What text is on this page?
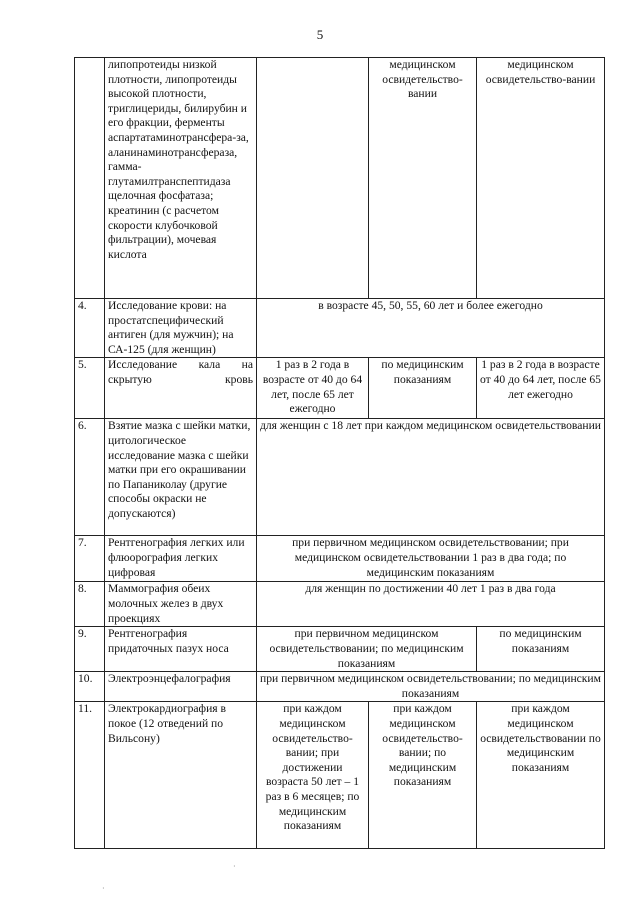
5
	липопротеиды низкой плотности, липопротеиды высокой плотности, триглицериды, билирубин и его фракции, ферменты аспартатаминотрансфера-за, аланинаминотрансфераза, гамма-глутамилтранспептидаза щелочная фосфатаза; креатинин (с расчетом скорости клубочковой фильтрации), мочевая кислота		медицинском освидетельство-вании	медицинском освидетельство-вании
4.	Исследование крови: на простатспецифический антиген (для мужчин); на СА-125 (для женщин)	в возрасте 45, 50, 55, 60 лет и более ежегодно		
5.	Исследование кала на скрытую кровь	1 раз в 2 года в возрасте от 40 до 64 лет, после 65 лет ежегодно	по медицинским показаниям	1 раз в 2 года в возрасте от 40 до 64 лет, после 65 лет ежегодно
6.	Взятие мазка с шейки матки, цитологическое исследование мазка с шейки матки при его окрашивании по Папаниколау (другие способы окраски не допускаются)	для женщин с 18 лет при каждом медицинском освидетельствовании		
7.	Рентгенография легких или флюорография легких цифровая	при первичном медицинском освидетельствовании; при медицинском освидетельствовании 1 раз в два года; по медицинским показаниям		
8.	Маммография обеих молочных желез в двух проекциях	для женщин по достижении 40 лет 1 раз в два года		
9.	Рентгенография придаточных пазух носа	при первичном медицинском освидетельствовании; по медицинским показаниям		по медицинским показаниям
10.	Электроэнцефалография	при первичном медицинском освидетельствовании; по медицинским показаниям		
11.	Электрокардиография в покое (12 отведений по Вильсону)	при каждом медицинском освидетельство-вании; при достижении возраста 50 лет – 1 раз в 6 месяцев; по медицинским показаниям	при каждом медицинском освидетельство-вании; по медицинским показаниям	при каждом медицинском освидетельствовании по медицинским показаниям
·
·
